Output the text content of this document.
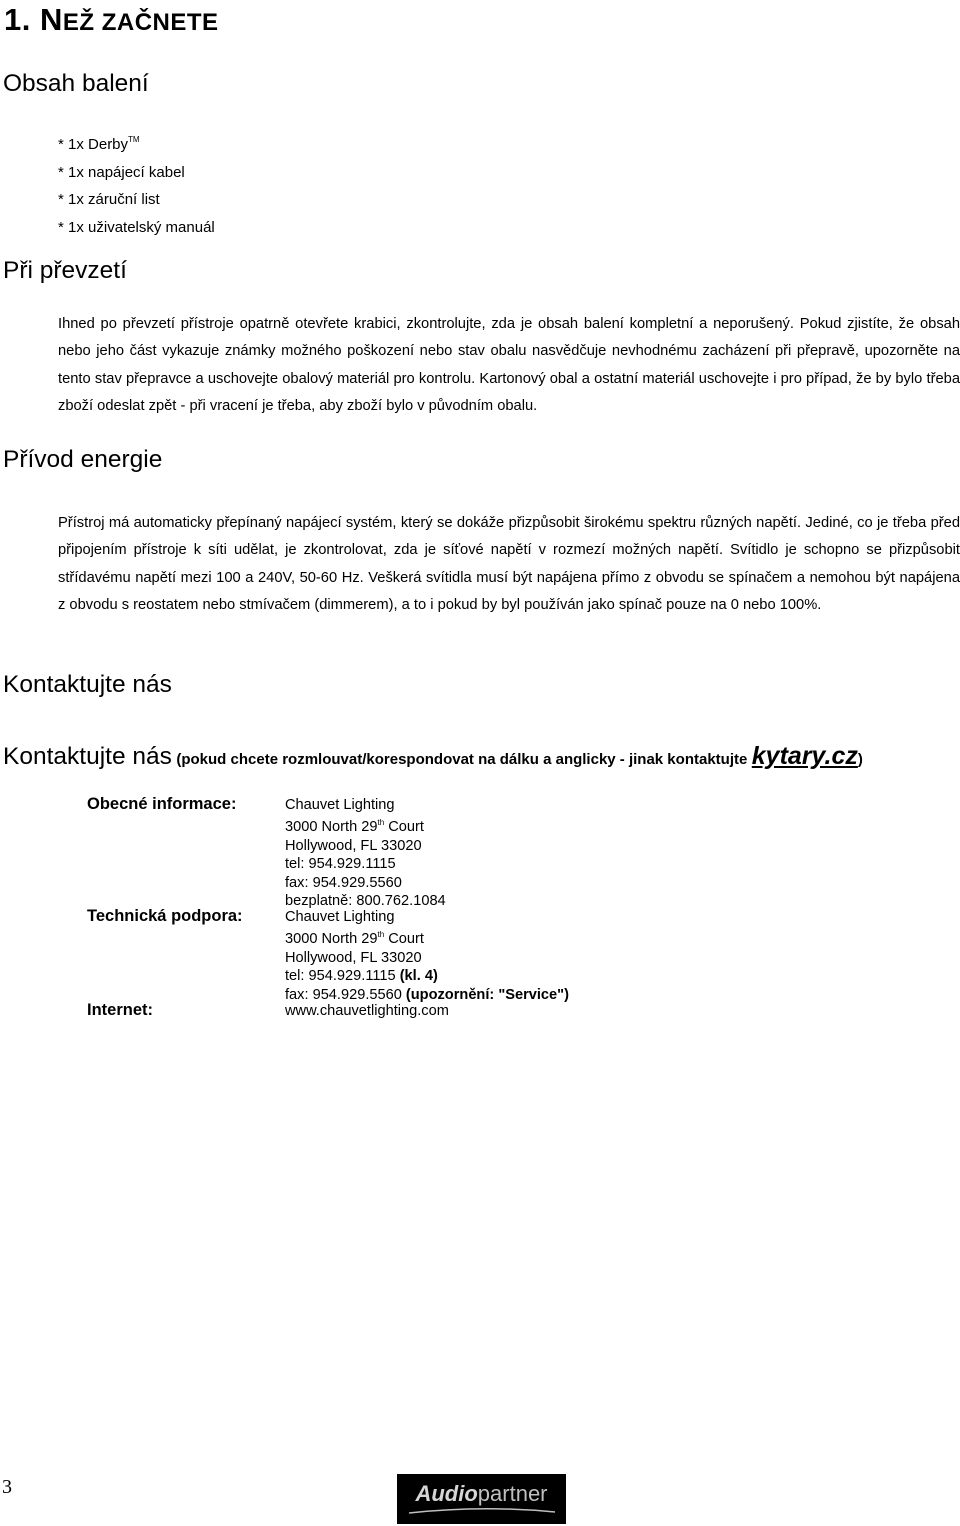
1. NEŽ ZAČNETE
Obsah balení
* 1x Derby™
* 1x napájecí kabel
* 1x záruční list
* 1x uživatelský manuál
Při převzetí
Ihned po převzetí přístroje opatrně otevřete krabici, zkontrolujte, zda je obsah balení kompletní a neporušený. Pokud zjistíte, že obsah nebo jeho část vykazuje známky možného poškození nebo stav obalu nasvědčuje nevhodnému zacházení při přepravě, upozorněte na tento stav přepravce a uschovejte obalový materiál pro kontrolu. Kartonový obal a ostatní materiál uschovejte i pro případ, že by bylo třeba zboží odeslat zpět - při vracení je třeba, aby zboží bylo v původním obalu.
Přívod energie
Přístroj má automaticky přepínaný napájecí systém, který se dokáže přizpůsobit širokému spektru různých napětí. Jediné, co je třeba před připojením přístroje k síti udělat, je zkontrolovat, zda je síťové napětí v rozmezí možných napětí. Svítidlo je schopno se přizpůsobit střídavému napětí mezi 100 a 240V, 50-60 Hz. Veškerá svítidla musí být napájena přímo z obvodu se spínačem a nemohou být napájena z obvodu s reostatem nebo stmívačem (dimmerem), a to i pokud by byl používán jako spínač pouze na 0 nebo 100%.
Kontaktujte nás
Kontaktujte nás (pokud chcete rozmlouvat/korespondovat na dálku a anglicky - jinak kontaktujte kytary.cz)
Obecné informace:	Chauvet Lighting
3000 North 29th Court
Hollywood, FL 33020
tel: 954.929.1115
fax: 954.929.5560
bezplatně: 800.762.1084
Technická podpora:	Chauvet Lighting
3000 North 29th Court
Hollywood, FL 33020
tel: 954.929.1115 (kl. 4)
fax: 954.929.5560 (upozornění: "Service")
Internet:	www.chauvetlighting.com
3	Audiopartner
